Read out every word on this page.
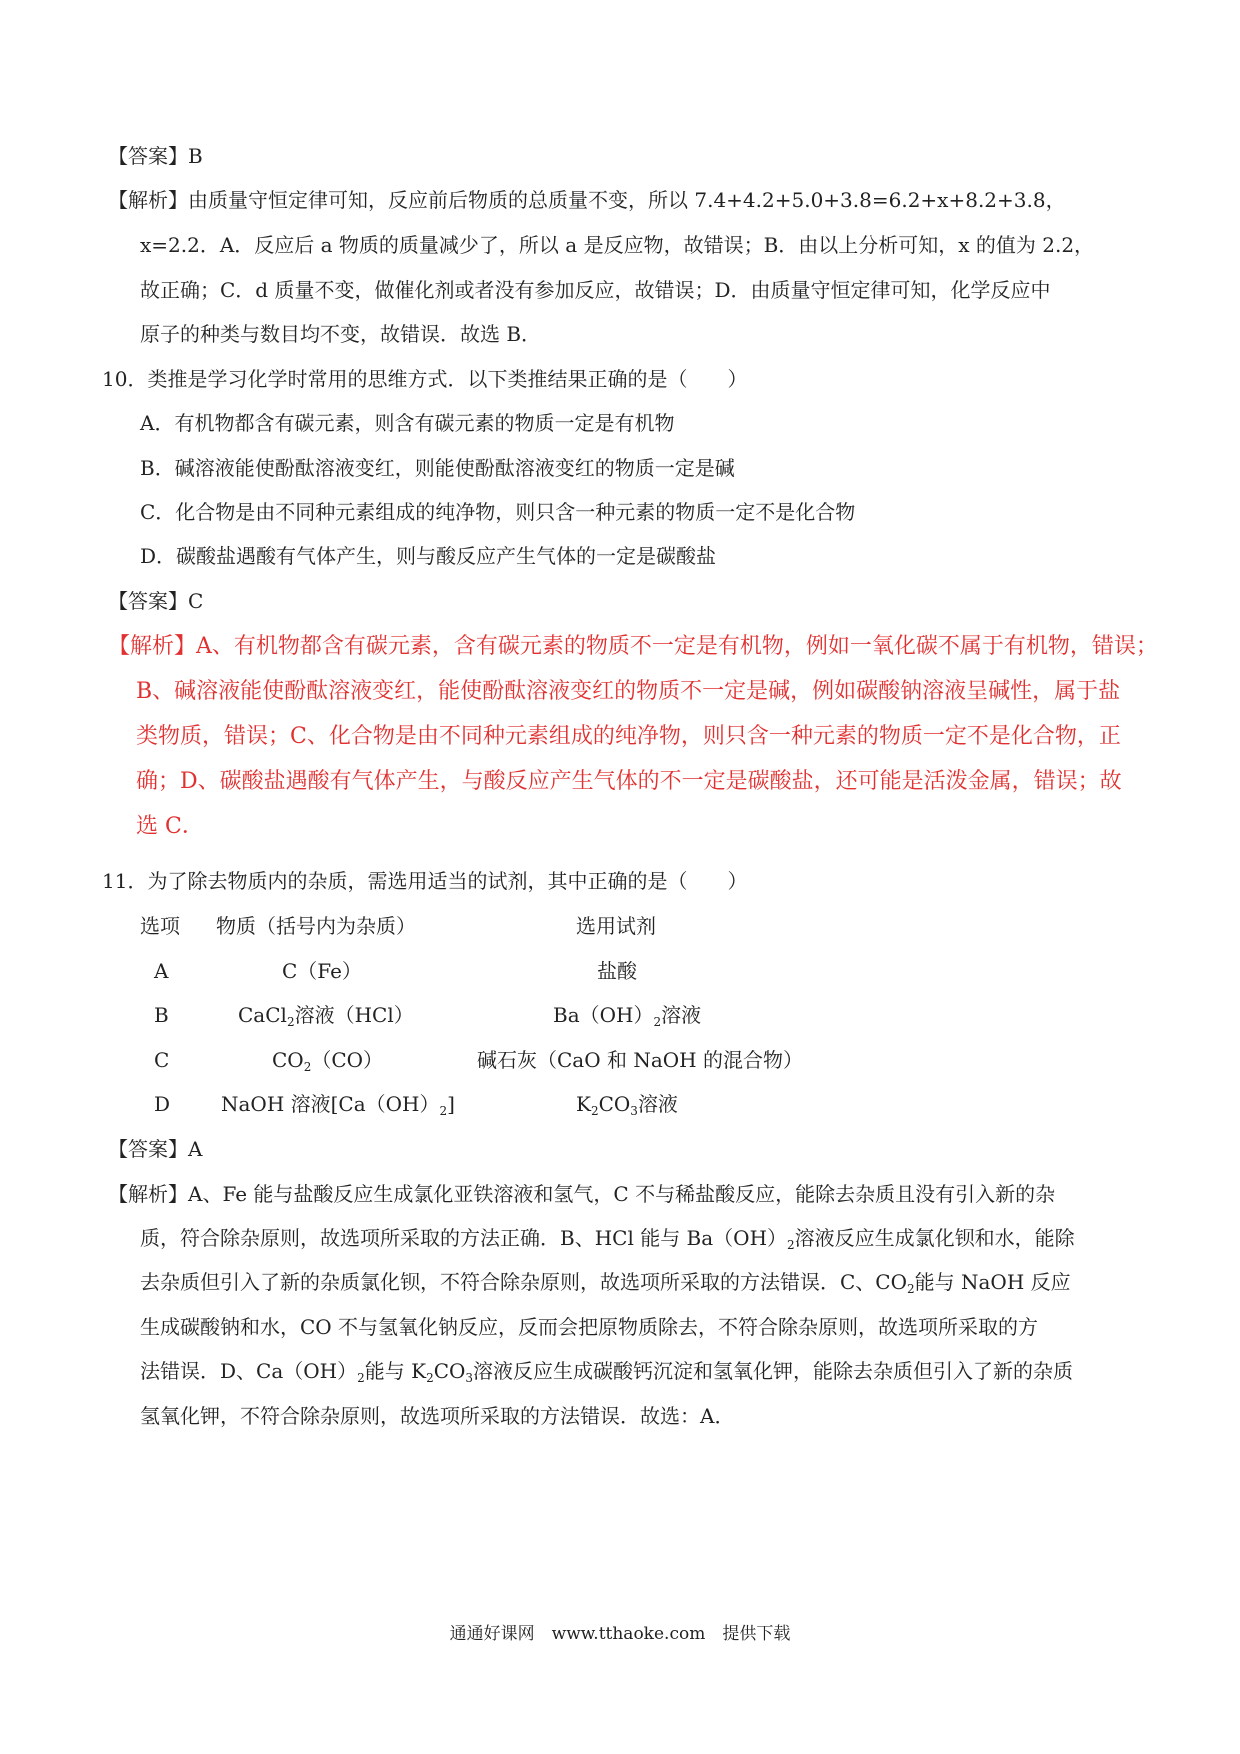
【答案】B
【解析】由质量守恒定律可知，反应前后物质的总质量不变，所以 7.4+4.2+5.0+3.8=6.2+x+8.2+3.8，
x=2.2．A．反应后 a 物质的质量减少了，所以 a 是反应物，故错误；B．由以上分析可知，x 的值为 2.2，
故正确；C．d 质量不变，做催化剂或者没有参加反应，故错误；D．由质量守恒定律可知，化学反应中
原子的种类与数目均不变，故错误．故选 B．
10．类推是学习化学时常用的思维方式．以下类推结果正确的是（　　）
A．有机物都含有碳元素，则含有碳元素的物质一定是有机物
B．碱溶液能使酚酞溶液变红，则能使酚酞溶液变红的物质一定是碱
C．化合物是由不同种元素组成的纯净物，则只含一种元素的物质一定不是化合物
D．碳酸盐遇酸有气体产生，则与酸反应产生气体的一定是碳酸盐
【答案】C
【解析】A、有机物都含有碳元素，含有碳元素的物质不一定是有机物，例如一氧化碳不属于有机物，错误；
B、碱溶液能使酚酞溶液变红，能使酚酞溶液变红的物质不一定是碱，例如碳酸钠溶液呈碱性，属于盐
类物质，错误；C、化合物是由不同种元素组成的纯净物，则只含一种元素的物质一定不是化合物，正
确；D、碳酸盐遇酸有气体产生，与酸反应产生气体的不一定是碳酸盐，还可能是活泼金属，错误；故
选 C．
11．为了除去物质内的杂质，需选用适当的试剂，其中正确的是（　　）
选项 物质（括号内为杂质）	选用试剂
A	C（Fe）	盐酸
B	CaCl$_2$溶液（HCl）	$Ba(OH)_2$溶液
C	$CO_2(CO)$	碱石灰（CaO 和 NaOH 的混合物）
D	NaOH 溶液$[Ca(OH)_2]$	$K_2CO_3$溶液
【答案】A
【解析】A、Fe 能与盐酸反应生成氯化亚铁溶液和氢气，C 不与稀盐酸反应，能除去杂质且没有引入新的杂
质，符合除杂原则，故选项所采取的方法正确．B、HCl 能与 $Ba(OH)_2$溶液反应生成氯化钡和水，能除
去杂质但引入了新的杂质氯化钡，不符合除杂原则，故选项所采取的方法错误．C、$CO_2$能与 NaOH 反应
生成碳酸钠和水，CO 不与氢氧化钠反应，反而会把原物质除去，不符合除杂原则，故选项所采取的方
法错误．D、$Ca(OH)_2$能与 $K_2CO_3$溶液反应生成碳酸钙沉淀和氢氧化钾，能除去杂质但引入了新的杂质
氢氧化钾，不符合除杂原则，故选项所采取的方法错误．故选：A．
通通好课网　www.tthaoke.com　提供下载
